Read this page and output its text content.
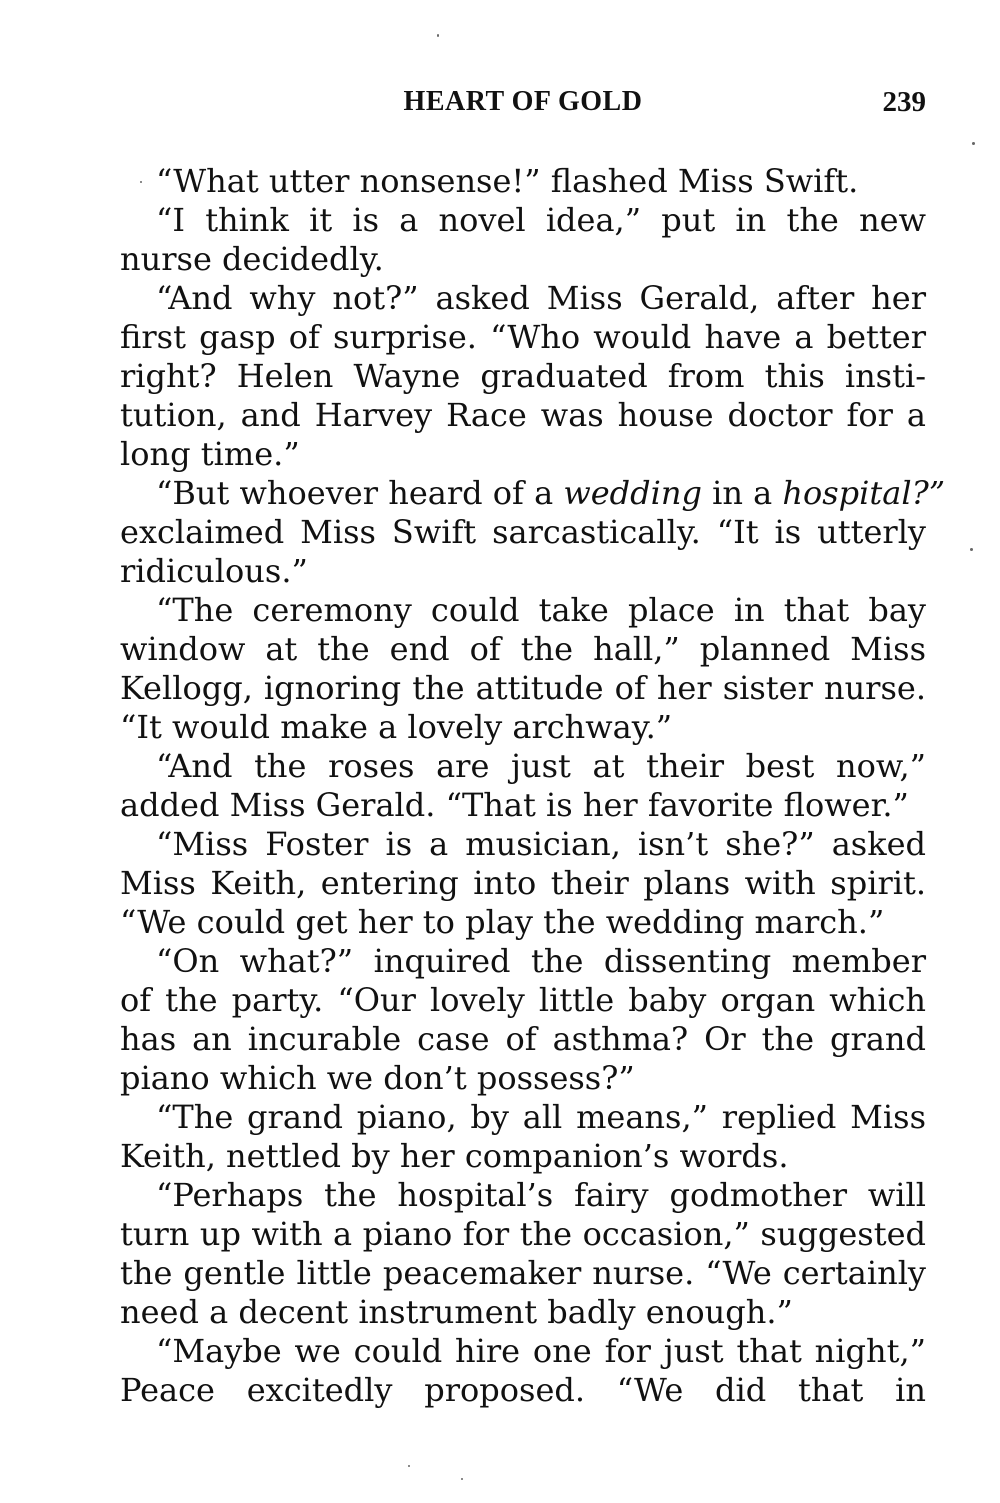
HEART OF GOLD	239
“What utter nonsense!” flashed Miss Swift.
“I think it is a novel idea,” put in the new
nurse decidedly.
“And why not?” asked Miss Gerald, after her
first gasp of surprise. “Who would have a better
right? Helen Wayne graduated from this insti-
tution, and Harvey Race was house doctor for a
long time.”
“But whoever heard of a wedding in a hospital?”
exclaimed Miss Swift sarcastically. “It is utterly
ridiculous.”
“The ceremony could take place in that bay
window at the end of the hall,” planned Miss
Kellogg, ignoring the attitude of her sister nurse.
“It would make a lovely archway.”
“And the roses are just at their best now,”
added Miss Gerald. “That is her favorite flower.”
“Miss Foster is a musician, isn’t she?” asked
Miss Keith, entering into their plans with spirit.
“We could get her to play the wedding march.”
“On what?” inquired the dissenting member
of the party. “Our lovely little baby organ which
has an incurable case of asthma? Or the grand
piano which we don’t possess?”
“The grand piano, by all means,” replied Miss
Keith, nettled by her companion’s words.
“Perhaps the hospital’s fairy godmother will
turn up with a piano for the occasion,” suggested
the gentle little peacemaker nurse. “We certainly
need a decent instrument badly enough.”
“Maybe we could hire one for just that night,”
Peace excitedly proposed. “We did that in
